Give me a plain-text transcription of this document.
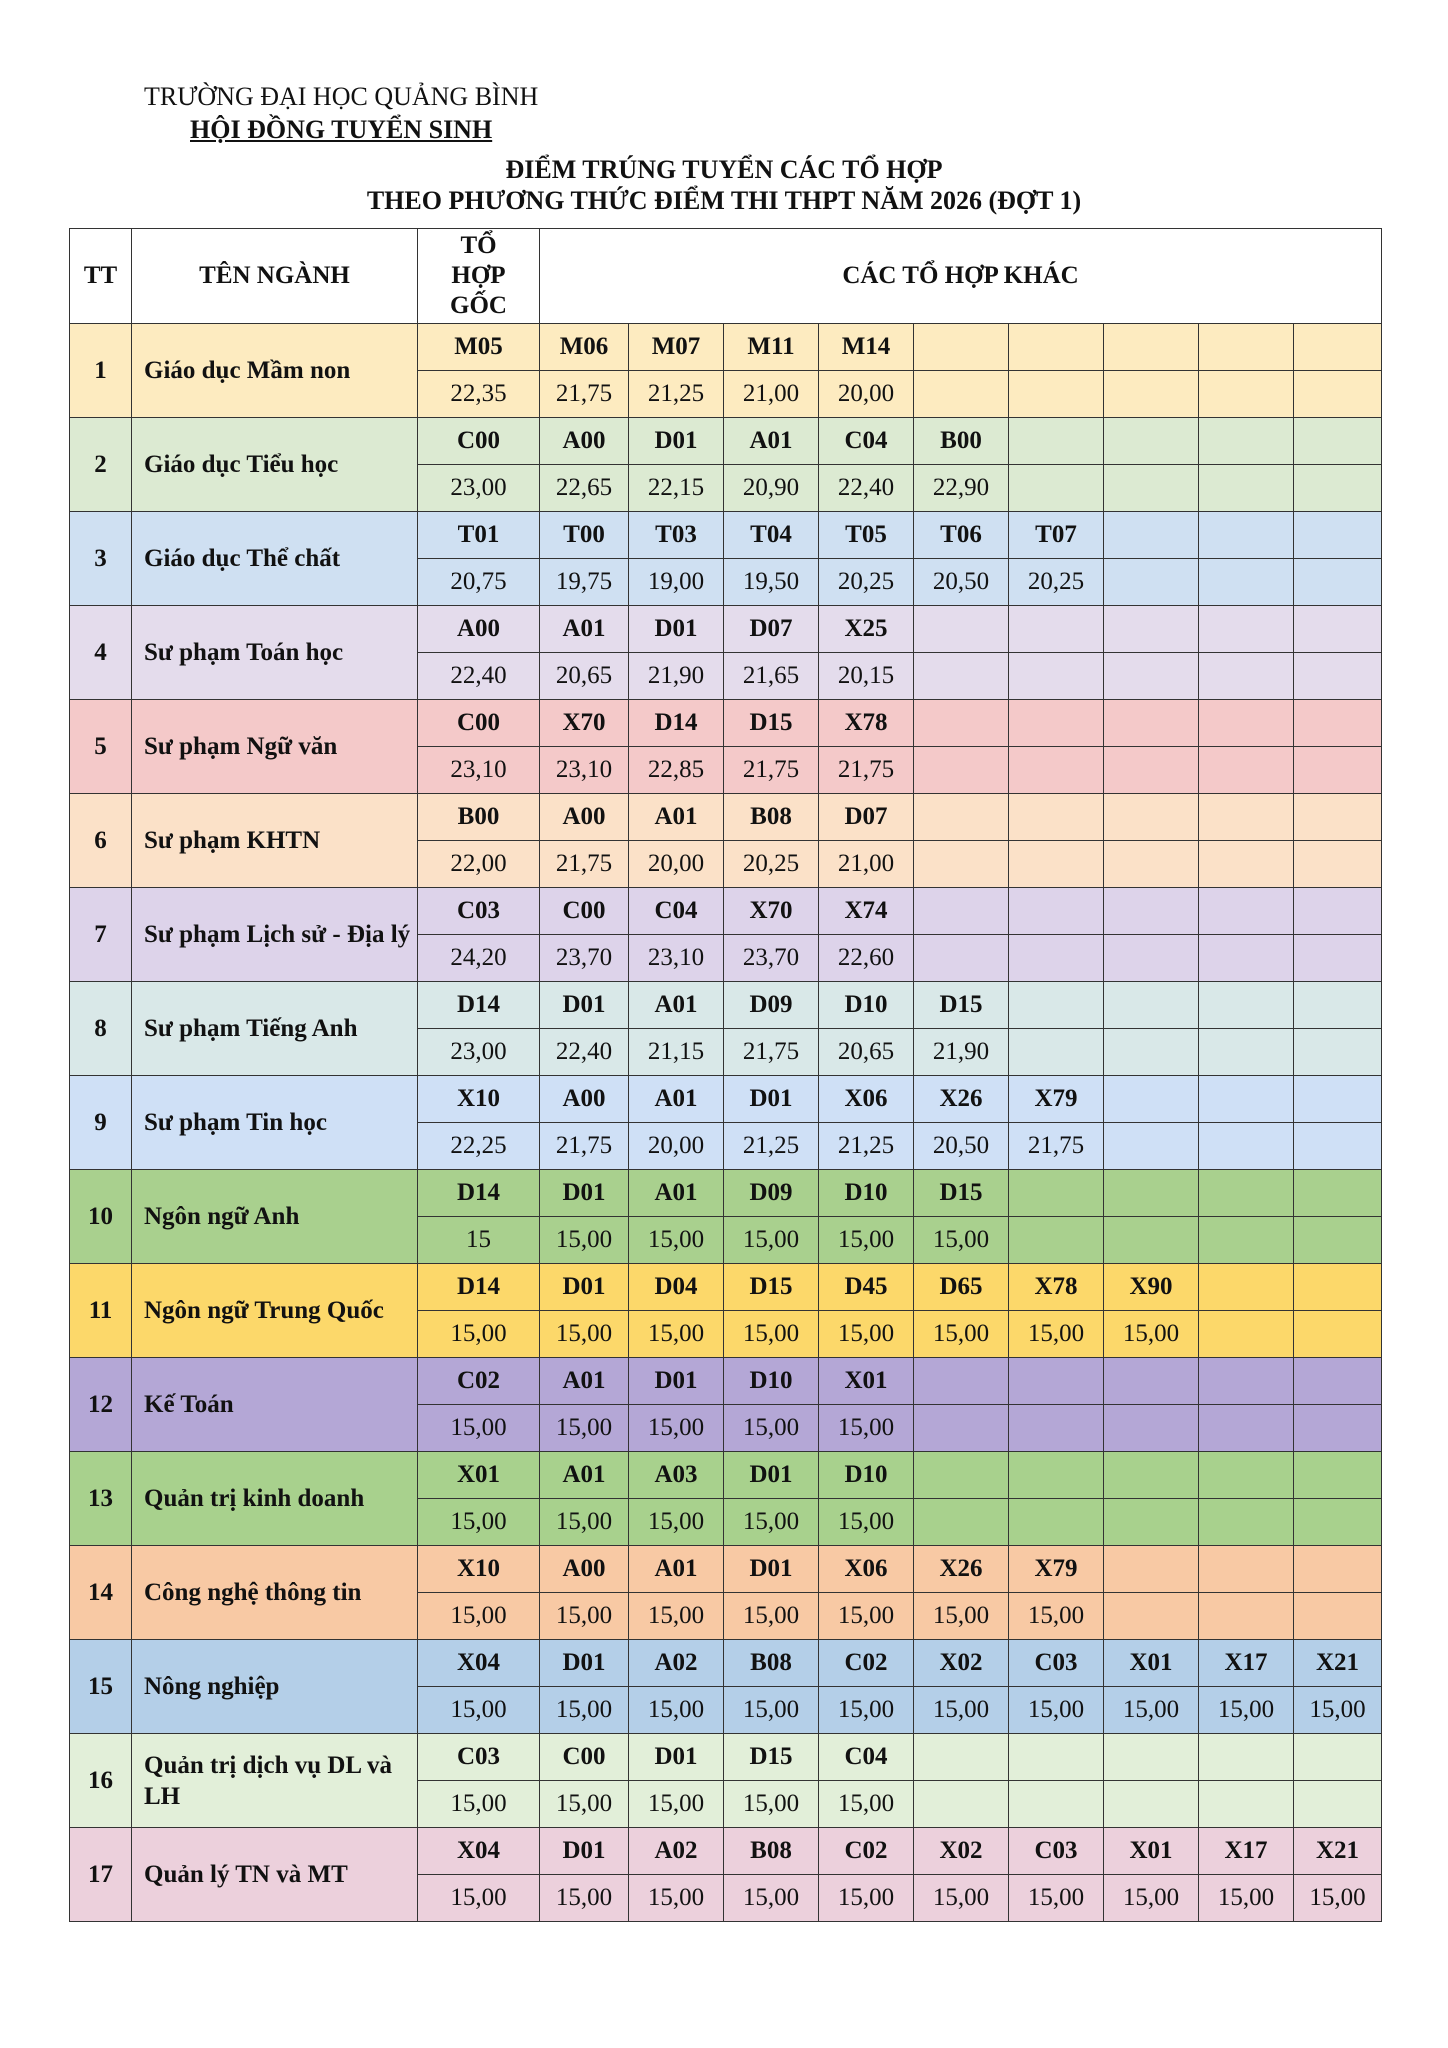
TRƯỜNG ĐẠI HỌC QUẢNG BÌNH
HỘI ĐỒNG TUYỂN SINH
ĐIỂM TRÚNG TUYỂN CÁC TỔ HỢP
THEO PHƯƠNG THỨC ĐIỂM THI THPT NĂM 2026 (ĐỢT 1)
TT	TÊN NGÀNH	TỔ
HỢP
GỐC	CÁC TỔ HỢP KHÁC								
1	Giáo dục Mầm non	M05	M06	M07	M11	M14					
		22,35	21,75	21,25	21,00	20,00					
2	Giáo dục Tiểu học	C00	A00	D01	A01	C04	B00				
		23,00	22,65	22,15	20,90	22,40	22,90				
3	Giáo dục Thể chất	T01	T00	T03	T04	T05	T06	T07			
		20,75	19,75	19,00	19,50	20,25	20,50	20,25			
4	Sư phạm Toán học	A00	A01	D01	D07	X25					
		22,40	20,65	21,90	21,65	20,15					
5	Sư phạm Ngữ văn	C00	X70	D14	D15	X78					
		23,10	23,10	22,85	21,75	21,75					
6	Sư phạm KHTN	B00	A00	A01	B08	D07					
		22,00	21,75	20,00	20,25	21,00					
7	Sư phạm Lịch sử - Địa lý	C03	C00	C04	X70	X74					
		24,20	23,70	23,10	23,70	22,60					
8	Sư phạm Tiếng Anh	D14	D01	A01	D09	D10	D15				
		23,00	22,40	21,15	21,75	20,65	21,90				
9	Sư phạm Tin học	X10	A00	A01	D01	X06	X26	X79			
		22,25	21,75	20,00	21,25	21,25	20,50	21,75			
10	Ngôn ngữ Anh	D14	D01	A01	D09	D10	D15				
		15	15,00	15,00	15,00	15,00	15,00				
11	Ngôn ngữ Trung Quốc	D14	D01	D04	D15	D45	D65	X78	X90		
		15,00	15,00	15,00	15,00	15,00	15,00	15,00	15,00		
12	Kế Toán	C02	A01	D01	D10	X01					
		15,00	15,00	15,00	15,00	15,00					
13	Quản trị kinh doanh	X01	A01	A03	D01	D10					
		15,00	15,00	15,00	15,00	15,00					
14	Công nghệ thông tin	X10	A00	A01	D01	X06	X26	X79			
		15,00	15,00	15,00	15,00	15,00	15,00	15,00			
15	Nông nghiệp	X04	D01	A02	B08	C02	X02	C03	X01	X17	X21
		15,00	15,00	15,00	15,00	15,00	15,00	15,00	15,00	15,00	15,00
16	Quản trị dịch vụ DL và LH	C03	C00	D01	D15	C04					
		15,00	15,00	15,00	15,00	15,00					
17	Quản lý TN và MT	X04	D01	A02	B08	C02	X02	C03	X01	X17	X21
		15,00	15,00	15,00	15,00	15,00	15,00	15,00	15,00	15,00	15,00
